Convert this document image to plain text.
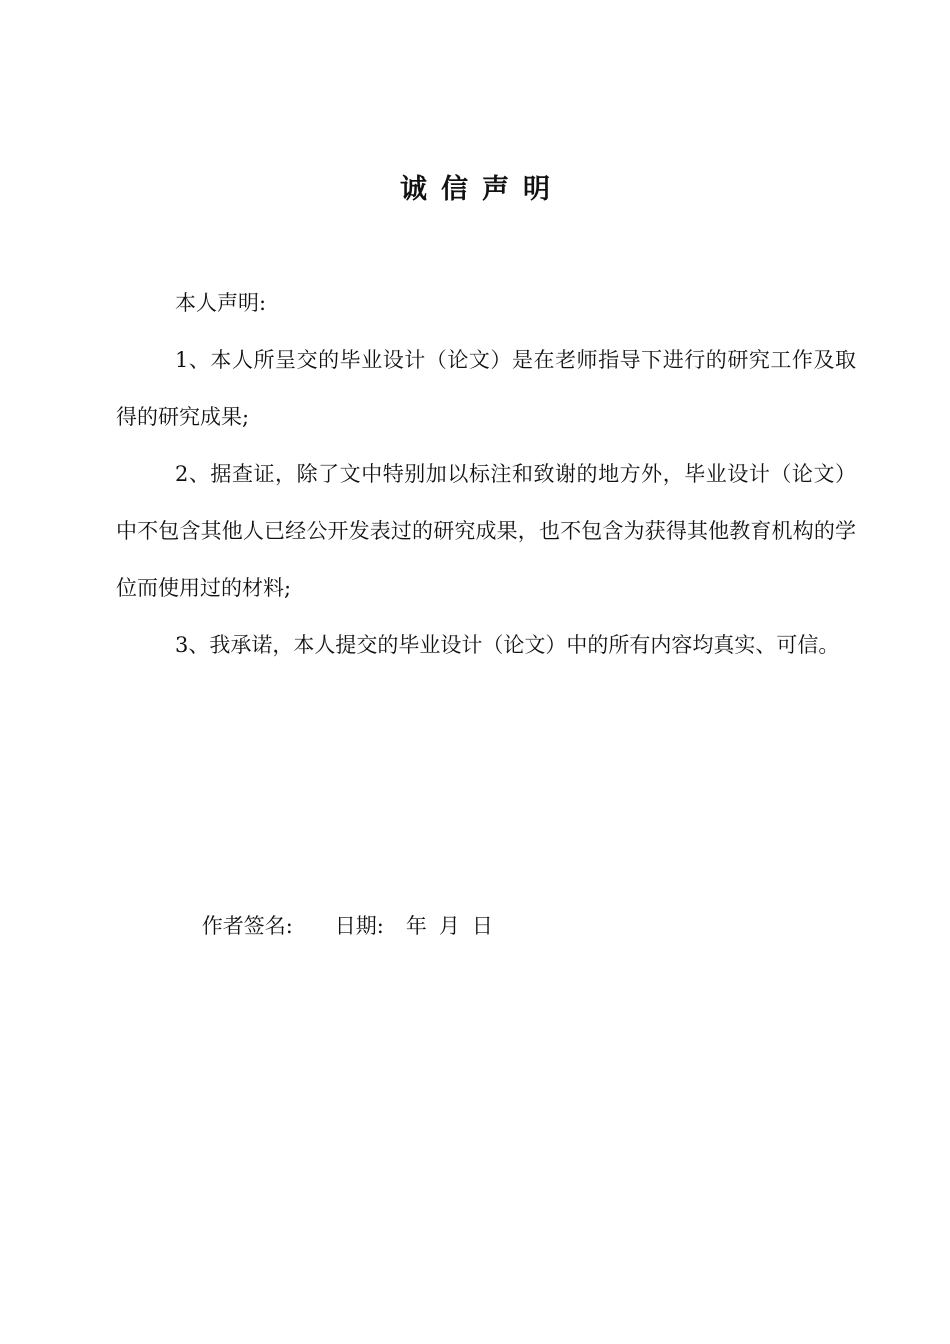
诚信声明

本人声明:

1、本人所呈交的毕业设计（论文）是在老师指导下进行的研究工作及取得的研究成果;

2、据查证，除了文中特别加以标注和致谢的地方外，毕业设计（论文）中不包含其他人已经公开发表过的研究成果，也不包含为获得其他教育机构的学位而使用过的材料;

3、我承诺，本人提交的毕业设计（论文）中的所有内容均真实、可信。

作者签名: 日期: 年 月 日
